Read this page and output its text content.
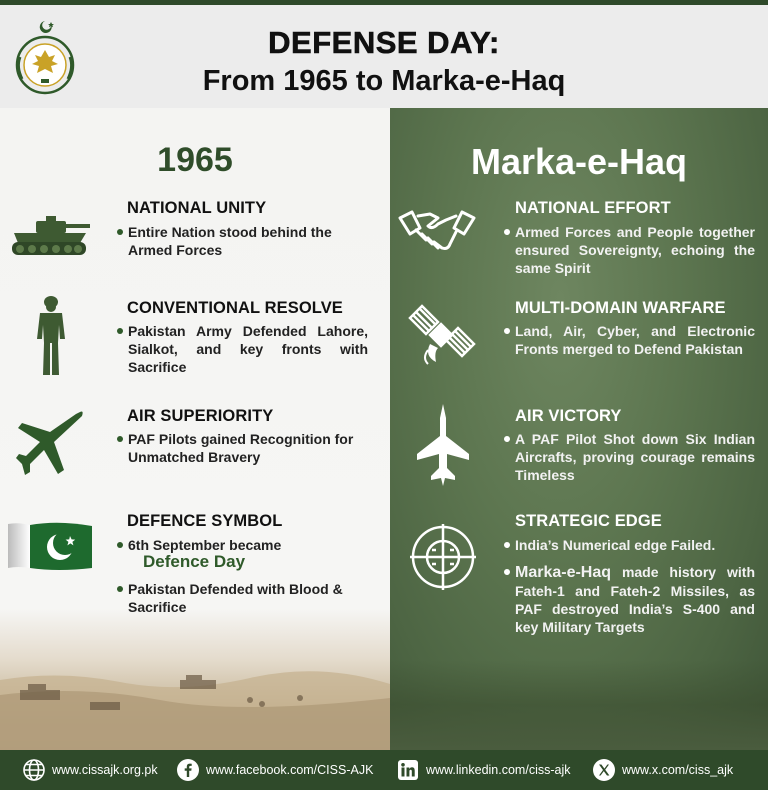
DEFENSE DAY:
From 1965 to Marka-e-Haq
1965	Marka-e-Haq
NATIONAL UNITY
Entire Nation stood behind the Armed Forces
CONVENTIONAL RESOLVE
Pakistan Army Defended Lahore, Sialkot, and key fronts with Sacrifice
AIR SUPERIORITY
PAF Pilots gained Recognition for Unmatched Bravery
DEFENCE SYMBOL
6th September became
Defence Day
Pakistan Defended with Blood & Sacrifice
NATIONAL EFFORT
Armed Forces and People together ensured Sovereignty, echoing the same Spirit
MULTI-DOMAIN WARFARE
Land, Air, Cyber, and Electronic Fronts merged to Defend Pakistan
AIR VICTORY
A PAF Pilot Shot down Six Indian Aircrafts, proving courage remains Timeless
STRATEGIC EDGE
India’s Numerical edge Failed.
Marka-e-Haq made history with Fateh-1 and Fateh-2 Missiles, as PAF destroyed India’s S-400 and key Military Targets
www.cissajk.org.pk	www.facebook.com/CISS-AJK	www.linkedin.com/ciss-ajk	www.x.com/ciss_ajk
